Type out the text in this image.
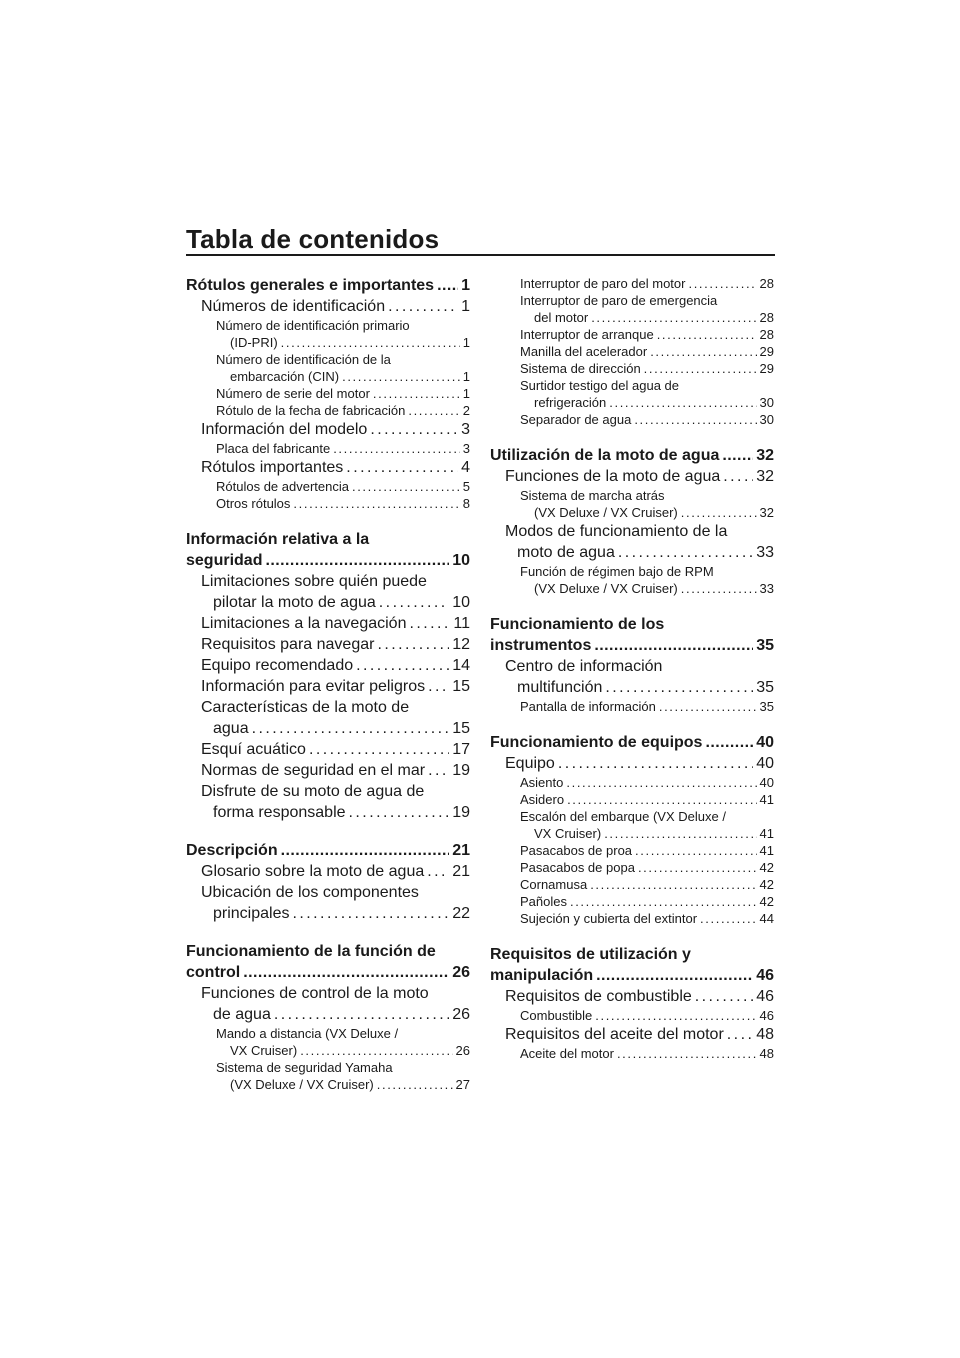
Tabla de contenidos
Rótulos generales e importantes . . . 1
Números de identificación . . .	1
Número de identificación primario
(ID-PRI) . . .	1
Número de identificación de la
embarcación (CIN) . . .	1
Número de serie del motor . . .	1
Rótulo de la fecha de fabricación . . .	2
Información del modelo . . .	3
Placa del fabricante . . .	3
Rótulos importantes . . .	4
Rótulos de advertencia . . .	5
Otros rótulos . . .	8
Información relativa a la
seguridad . . .	10
Limitaciones sobre quién puede
pilotar la moto de agua . . .	10
Limitaciones a la navegación . . .	11
Requisitos para navegar . . .	12
Equipo recomendado . . .	14
Información para evitar peligros . . . 15
Características de la moto de
agua . . .	15
Esquí acuático . . .	17
Normas de seguridad en el mar . . . 19
Disfrute de su moto de agua de
forma responsable . . .	19
Descripción . . .	21
Glosario sobre la moto de agua . . . 21
Ubicación de los componentes
principales . . .	22
Funcionamiento de la función de
control . . .	26
Funciones de control de la moto
de agua . . .	26
Mando a distancia (VX Deluxe /
VX Cruiser) . . .	26
Sistema de seguridad Yamaha
(VX Deluxe / VX Cruiser) . . .	27
Interruptor de paro del motor . . .	28
Interruptor de paro de emergencia
del motor . . .	28
Interruptor de arranque . . .	28
Manilla del acelerador . . .	29
Sistema de dirección . . .	29
Surtidor testigo del agua de
refrigeración . . .	30
Separador de agua . . .	30
Utilización de la moto de agua . . . 32
Funciones de la moto de agua . . . 32
Sistema de marcha atrás
(VX Deluxe / VX Cruiser) . . .	32
Modos de funcionamiento de la
moto de agua . . .	33
Función de régimen bajo de RPM
(VX Deluxe / VX Cruiser) . . .	33
Funcionamiento de los
instrumentos . . .	35
Centro de información
multifunción . . .	35
Pantalla de información . . .	35
Funcionamiento de equipos . . .	40
Equipo . . .	40
Asiento . . .	40
Asidero . . .	41
Escalón del embarque (VX Deluxe /
VX Cruiser) . . .	41
Pasacabos de proa . . .	41
Pasacabos de popa . . .	42
Cornamusa . . .	42
Pañoles . . .	42
Sujeción y cubierta del extintor . . .	44
Requisitos de utilización y
manipulación . . .	46
Requisitos de combustible . . .	46
Combustible . . .	46
Requisitos del aceite del motor . . . 48
Aceite del motor . . .	48
